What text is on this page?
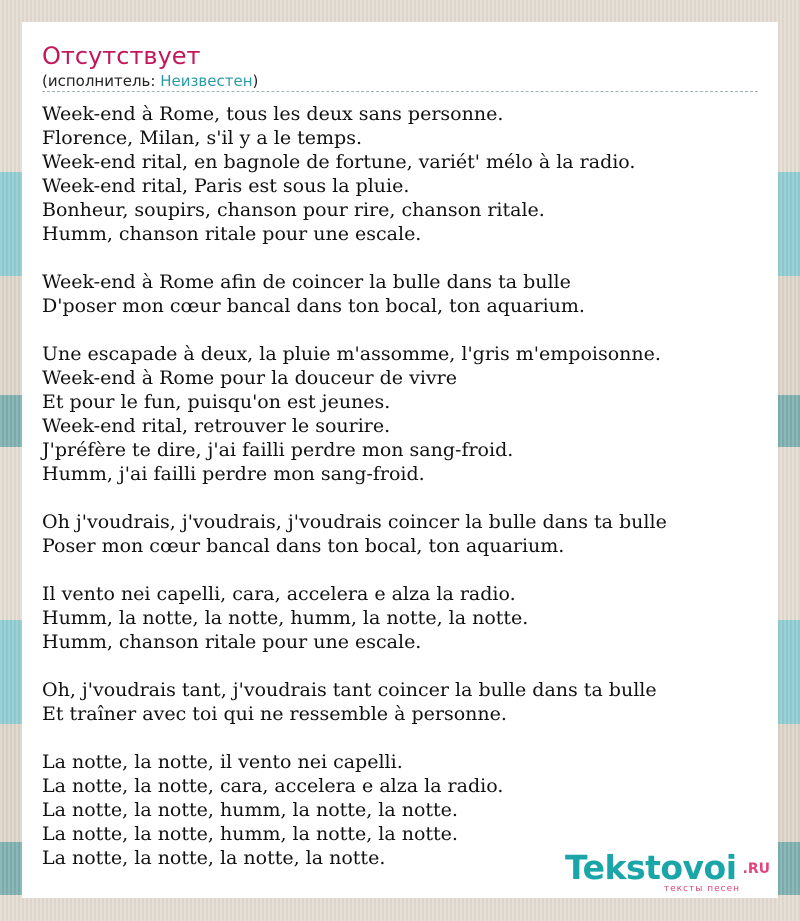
Отсутствует
(исполнитель: Неизвестен)
Week-end à Rome, tous les deux sans personne.
Florence, Milan, s'il y a le temps.
Week-end rital, en bagnole de fortune, variét' mélo à la radio.
Week-end rital, Paris est sous la pluie.
Bonheur, soupirs, chanson pour rire, chanson ritale.
Humm, chanson ritale pour une escale.
Week-end à Rome afin de coincer la bulle dans ta bulle
D'poser mon cœur bancal dans ton bocal, ton aquarium.
Une escapade à deux, la pluie m'assomme, l'gris m'empoisonne.
Week-end à Rome pour la douceur de vivre
Et pour le fun, puisqu'on est jeunes.
Week-end rital, retrouver le sourire.
J'préfère te dire, j'ai failli perdre mon sang-froid.
Humm, j'ai failli perdre mon sang-froid.
Oh j'voudrais, j'voudrais, j'voudrais coincer la bulle dans ta bulle
Poser mon cœur bancal dans ton bocal, ton aquarium.
Il vento nei capelli, cara, accelera e alza la radio.
Humm, la notte, la notte, humm, la notte, la notte.
Humm, chanson ritale pour une escale.
Oh, j'voudrais tant, j'voudrais tant coincer la bulle dans ta bulle
Et traîner avec toi qui ne ressemble à personne.
La notte, la notte, il vento nei capelli.
La notte, la notte, cara, accelera e alza la radio.
La notte, la notte, humm, la notte, la notte.
La notte, la notte, humm, la notte, la notte.
La notte, la notte, la notte, la notte.	Tekstovoi .RU
тексты песен
